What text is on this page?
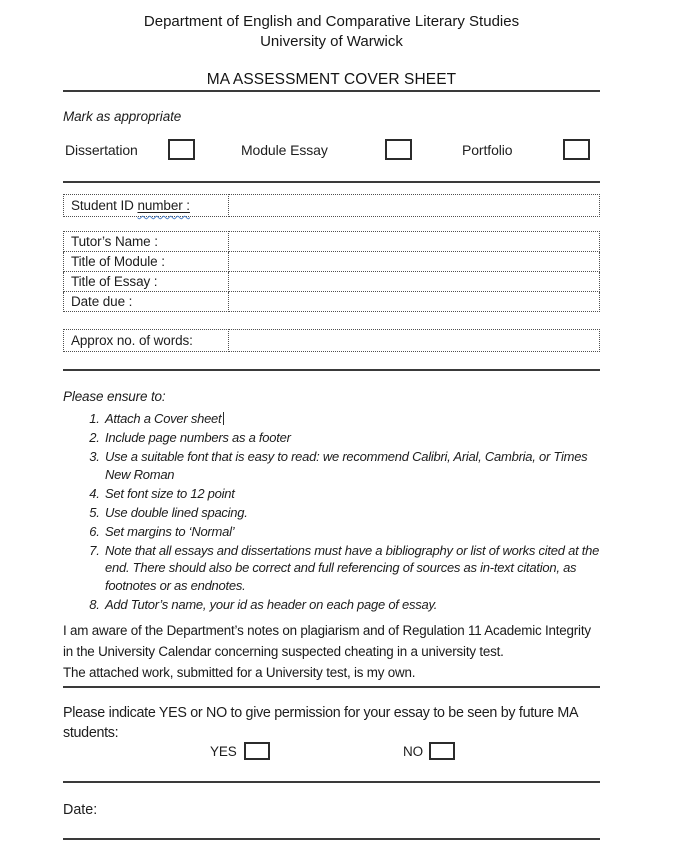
Department of English and Comparative Literary Studies
University of Warwick
MA ASSESSMENT COVER SHEET
Mark as appropriate
Dissertation	Module Essay	Portfolio
Student ID number :	
Tutor’s Name :	
Title of Module :	
Title of Essay :	
Date due :	
Approx no. of words:	
Please ensure to:
1. Attach a Cover sheet
2. Include page numbers as a footer
3. Use a suitable font that is easy to read: we recommend Calibri, Arial, Cambria, or Times New Roman
4. Set font size to 12 point
5. Use double lined spacing.
6. Set margins to ‘Normal’
7. Note that all essays and dissertations must have a bibliography or list of works cited at the end. There should also be correct and full referencing of sources as in-text citation, as footnotes or as endnotes.
8. Add Tutor’s name, your id as header on each page of essay.
I am aware of the Department’s notes on plagiarism and of Regulation 11 Academic Integrity
in the University Calendar concerning suspected cheating in a university test.
The attached work, submitted for a University test, is my own.
Please indicate YES or NO to give permission for your essay to be seen by future MA
students:
YES	NO
Date:
